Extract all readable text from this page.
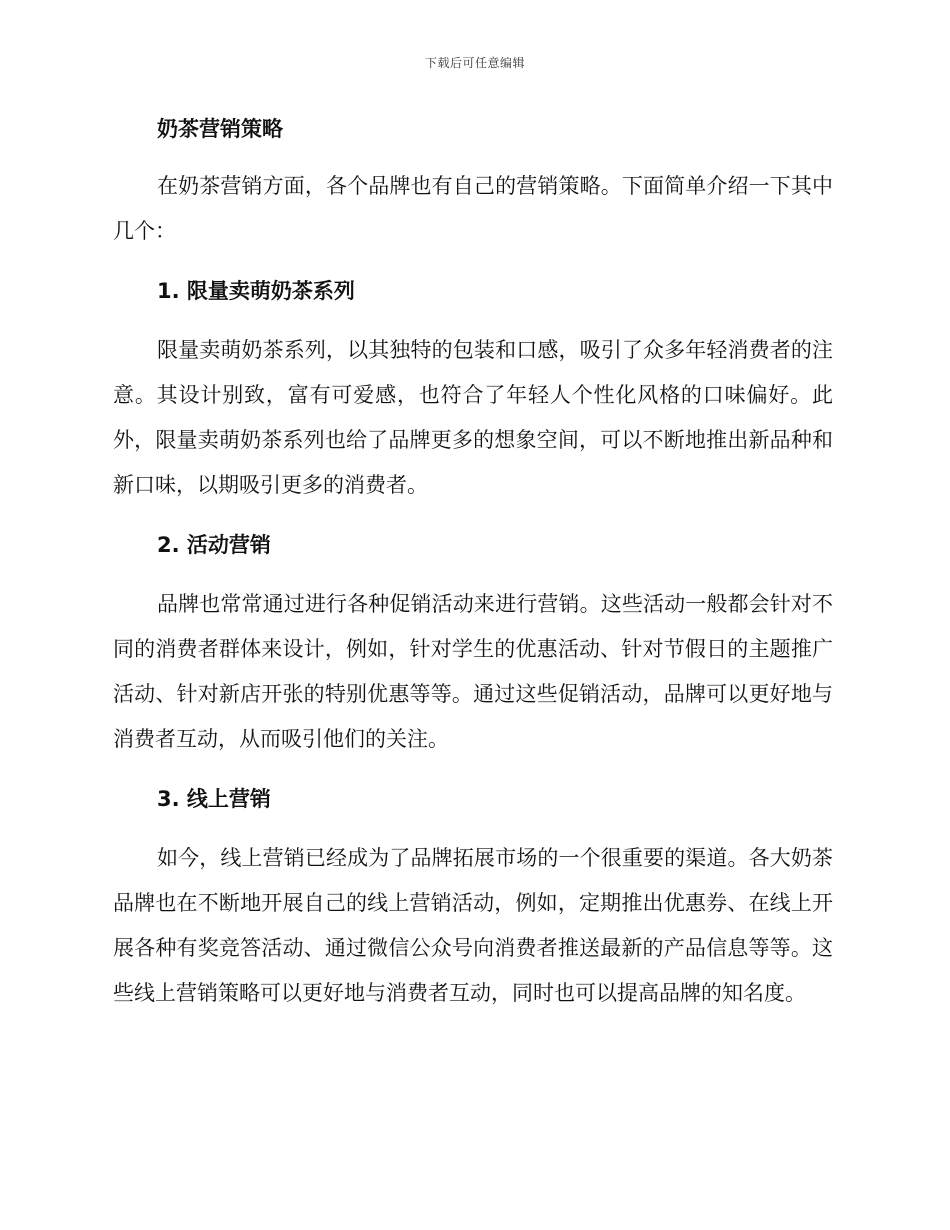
下载后可任意编辑
奶茶营销策略

在奶茶营销方面，各个品牌也有自己的营销策略。下面简单介绍一下其中几个：

1. 限量卖萌奶茶系列

限量卖萌奶茶系列，以其独特的包装和口感，吸引了众多年轻消费者的注意。其设计别致，富有可爱感，也符合了年轻人个性化风格的口味偏好。此外，限量卖萌奶茶系列也给了品牌更多的想象空间，可以不断地推出新品种和新口味，以期吸引更多的消费者。

2. 活动营销

品牌也常常通过进行各种促销活动来进行营销。这些活动一般都会针对不同的消费者群体来设计，例如，针对学生的优惠活动、针对节假日的主题推广活动、针对新店开张的特别优惠等等。通过这些促销活动，品牌可以更好地与消费者互动，从而吸引他们的关注。

3. 线上营销

如今，线上营销已经成为了品牌拓展市场的一个很重要的渠道。各大奶茶品牌也在不断地开展自己的线上营销活动，例如，定期推出优惠券、在线上开展各种有奖竞答活动、通过微信公众号向消费者推送最新的产品信息等等。这些线上营销策略可以更好地与消费者互动，同时也可以提高品牌的知名度。
